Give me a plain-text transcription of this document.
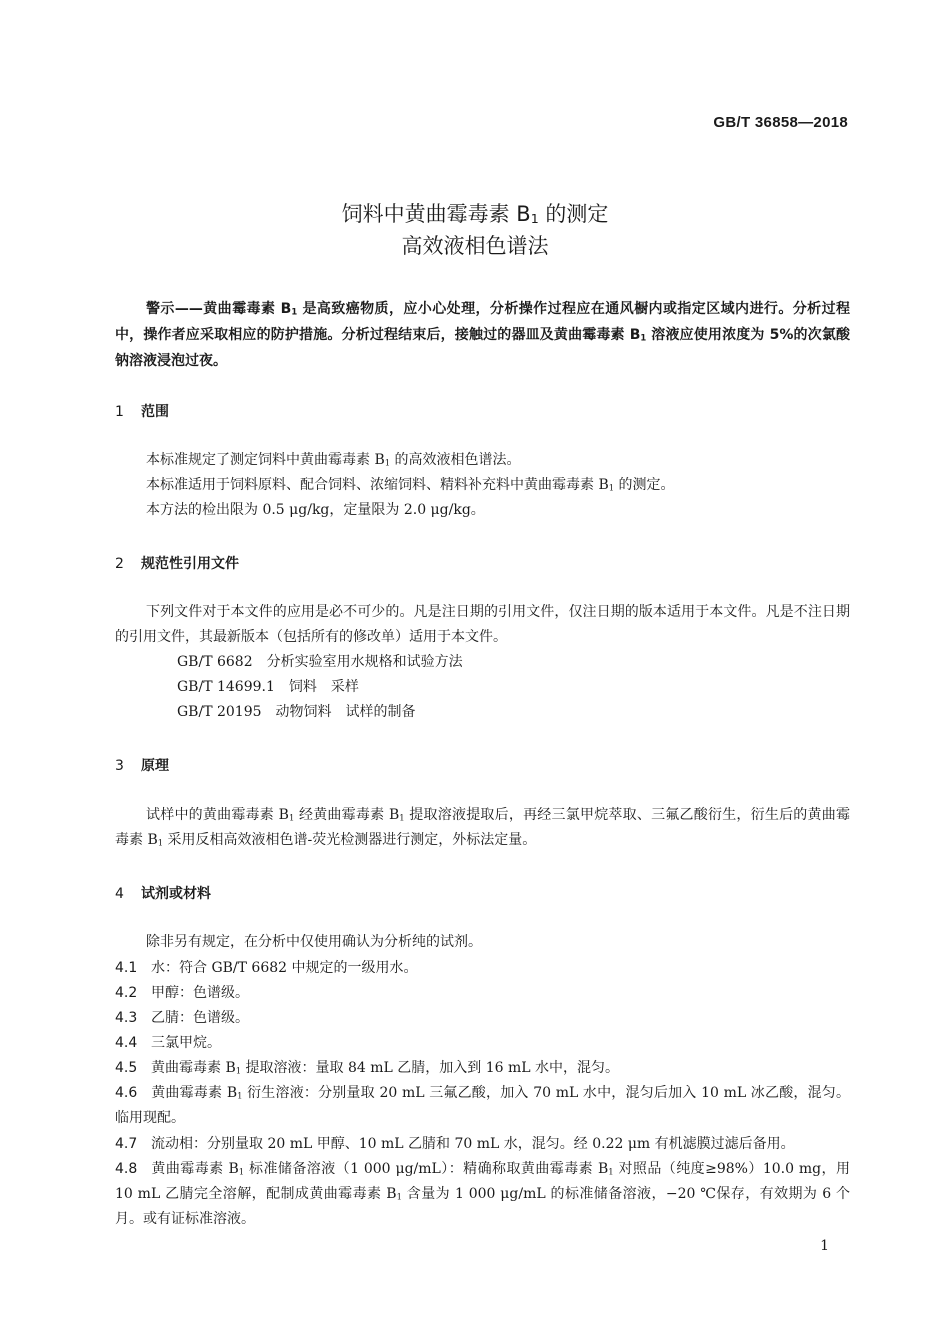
GB/T 36858—2018
饲料中黄曲霉毒素 $B_1$ 的测定
高效液相色谱法

警示——黄曲霉毒素 $B_1$ 是高致癌物质，应小心处理，分析操作过程应在通风橱内或指定区域内进行。分析过程中，操作者应采取相应的防护措施。分析过程结束后，接触过的器皿及黄曲霉毒素 $B_1$ 溶液应使用浓度为 5%的次氯酸钠溶液浸泡过夜。

1 范围

本标准规定了测定饲料中黄曲霉毒素 $B_1$ 的高效液相色谱法。

本标准适用于饲料原料、配合饲料、浓缩饲料、精料补充料中黄曲霉毒素 $B_1$ 的测定。

本方法的检出限为 0.5 μg/kg，定量限为 2.0 μg/kg。

2 规范性引用文件

下列文件对于本文件的应用是必不可少的。凡是注日期的引用文件，仅注日期的版本适用于本文件。凡是不注日期的引用文件，其最新版本（包括所有的修改单）适用于本文件。

GB/T 6682　 分析实验室用水规格和试验方法

GB/T 14699.1　 饲料　采样

GB/T 20195　 动物饲料　试样的制备

3 原理

试样中的黄曲霉毒素 $B_1$ 经黄曲霉毒素 $B_1$ 提取溶液提取后，再经三氯甲烷萃取、三氟乙酸衍生，衍生后的黄曲霉毒素 $B_1$ 采用反相高效液相色谱-荧光检测器进行测定，外标法定量。

4 试剂或材料

除非另有规定，在分析中仅使用确认为分析纯的试剂。

4.1 水：符合 GB/T 6682 中规定的一级用水。
4.2 甲醇：色谱级。
4.3 乙腈：色谱级。
4.4 三氯甲烷。
4.5 黄曲霉毒素 $B_1$ 提取溶液：量取 84 mL 乙腈，加入到 16 mL 水中，混匀。
4.6 黄曲霉毒素 $B_1$ 衍生溶液：分别量取 20 mL 三氟乙酸，加入 70 mL 水中，混匀后加入 10 mL 冰乙酸，混匀。临用现配。
4.7 流动相：分别量取 20 mL 甲醇、10 mL 乙腈和 70 mL 水，混匀。经 0.22 μm 有机滤膜过滤后备用。
4.8 黄曲霉毒素 $B_1$ 标准储备溶液（1 000 μg/mL）：精确称取黄曲霉毒素 $B_1$ 对照品（纯度≥98%）10.0 mg，用 10 mL 乙腈完全溶解，配制成黄曲霉毒素 $B_1$ 含量为 1 000 μg/mL 的标准储备溶液，−20 ℃保存，有效期为 6 个月。或有证标准溶液。
1
